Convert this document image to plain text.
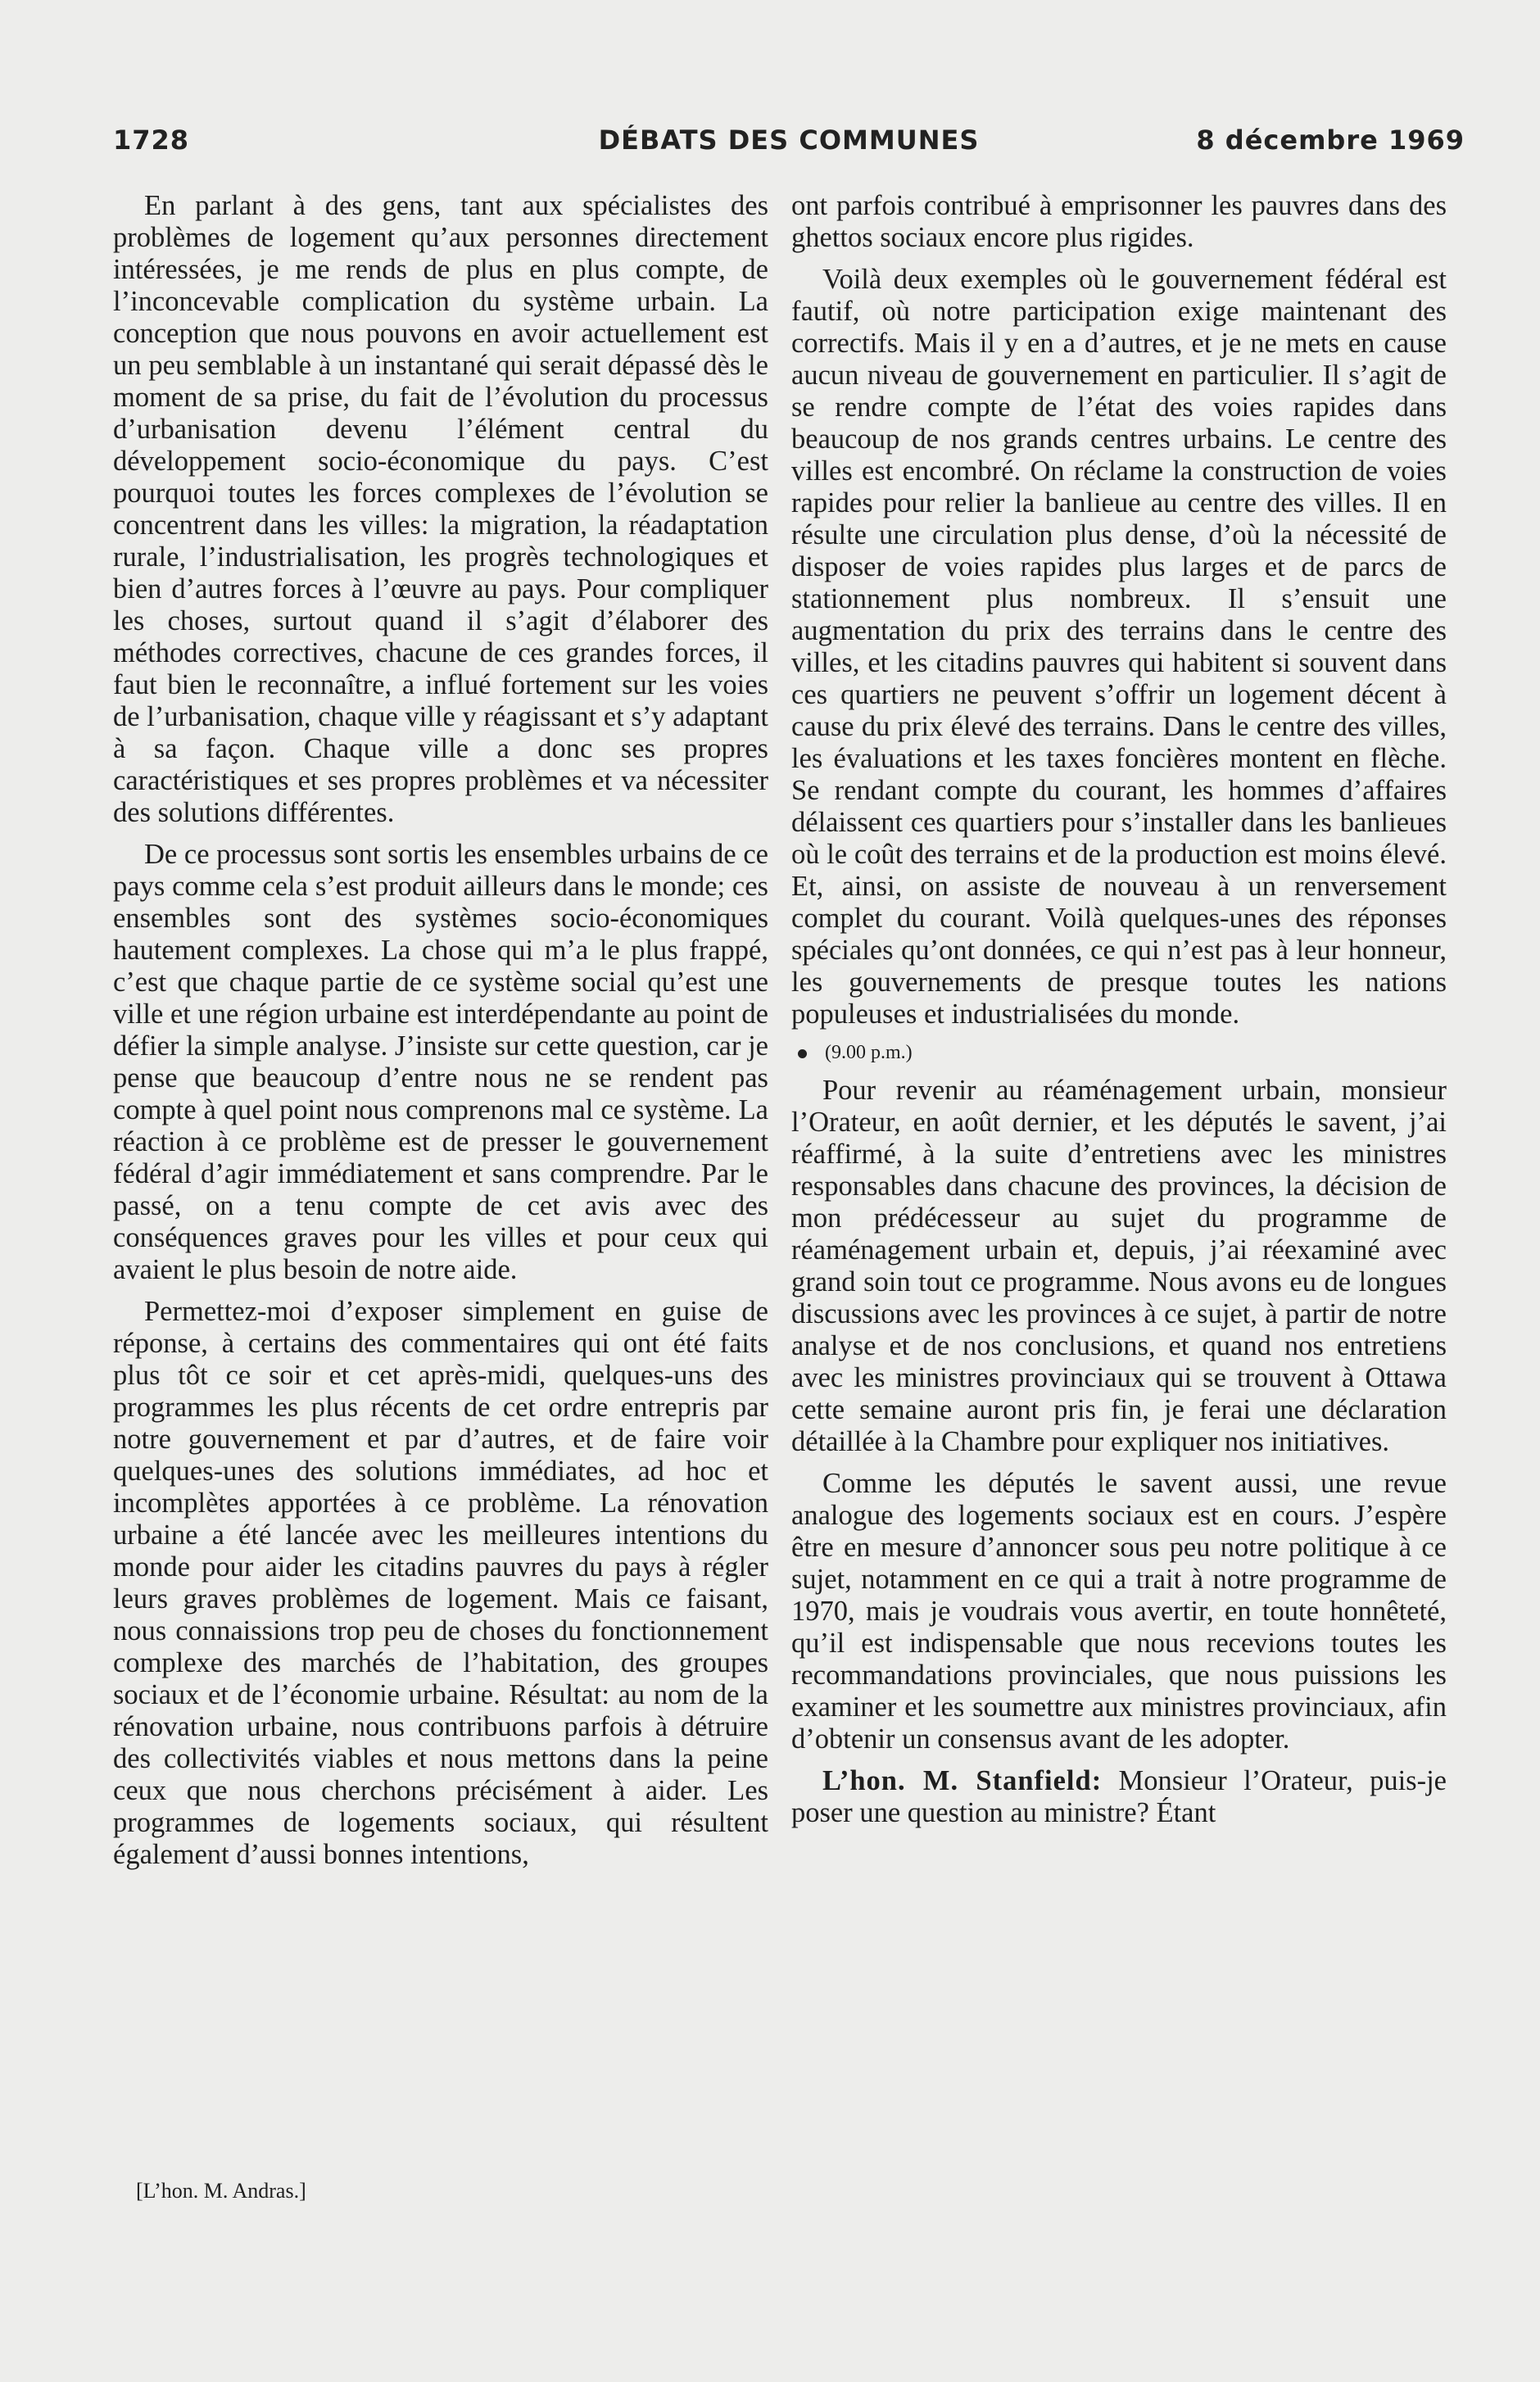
1728	DÉBATS DES COMMUNES	8 décembre 1969

En parlant à des gens, tant aux spécialistes des problèmes de logement qu’aux personnes directement intéressées, je me rends de plus en plus compte, de l’inconcevable complication du système urbain. La conception que nous pouvons en avoir actuellement est un peu semblable à un instantané qui serait dépassé dès le moment de sa prise, du fait de l’évolution du processus d’urbanisation devenu l’élément central du développement socio-économique du pays. C’est pourquoi toutes les forces complexes de l’évolution se concentrent dans les villes: la migration, la réadaptation rurale, l’industrialisation, les progrès technologiques et bien d’autres forces à l’œuvre au pays. Pour compliquer les choses, surtout quand il s’agit d’élaborer des méthodes correctives, chacune de ces grandes forces, il faut bien le reconnaître, a influé fortement sur les voies de l’urbanisation, chaque ville y réagissant et s’y adaptant à sa façon. Chaque ville a donc ses propres caractéristiques et ses propres problèmes et va nécessiter des solutions différentes.

De ce processus sont sortis les ensembles urbains de ce pays comme cela s’est produit ailleurs dans le monde; ces ensembles sont des systèmes socio-économiques hautement complexes. La chose qui m’a le plus frappé, c’est que chaque partie de ce système social qu’est une ville et une région urbaine est interdépendante au point de défier la simple analyse. J’insiste sur cette question, car je pense que beaucoup d’entre nous ne se rendent pas compte à quel point nous comprenons mal ce système. La réaction à ce problème est de presser le gouvernement fédéral d’agir immédiatement et sans comprendre. Par le passé, on a tenu compte de cet avis avec des conséquences graves pour les villes et pour ceux qui avaient le plus besoin de notre aide.

Permettez-moi d’exposer simplement en guise de réponse, à certains des commentaires qui ont été faits plus tôt ce soir et cet après-midi, quelques-uns des programmes les plus récents de cet ordre entrepris par notre gouvernement et par d’autres, et de faire voir quelques-unes des solutions immédiates, ad hoc et incomplètes apportées à ce problème. La rénovation urbaine a été lancée avec les meilleures intentions du monde pour aider les citadins pauvres du pays à régler leurs graves problèmes de logement. Mais ce faisant, nous connaissions trop peu de choses du fonctionnement complexe des marchés de l’habitation, des groupes sociaux et de l’économie urbaine. Résultat: au nom de la rénovation urbaine, nous contribuons parfois à détruire des collectivités viables et nous mettons dans la peine ceux que nous cherchons précisément à aider. Les programmes de logements sociaux, qui résultent également d’aussi bonnes intentions,

ont parfois contribué à emprisonner les pauvres dans des ghettos sociaux encore plus rigides.

Voilà deux exemples où le gouvernement fédéral est fautif, où notre participation exige maintenant des correctifs. Mais il y en a d’autres, et je ne mets en cause aucun niveau de gouvernement en particulier. Il s’agit de se rendre compte de l’état des voies rapides dans beaucoup de nos grands centres urbains. Le centre des villes est encombré. On réclame la construction de voies rapides pour relier la banlieue au centre des villes. Il en résulte une circulation plus dense, d’où la nécessité de disposer de voies rapides plus larges et de parcs de stationnement plus nombreux. Il s’ensuit une augmentation du prix des terrains dans le centre des villes, et les citadins pauvres qui habitent si souvent dans ces quartiers ne peuvent s’offrir un logement décent à cause du prix élevé des terrains. Dans le centre des villes, les évaluations et les taxes foncières montent en flèche. Se rendant compte du courant, les hommes d’affaires délaissent ces quartiers pour s’installer dans les banlieues où le coût des terrains et de la production est moins élevé. Et, ainsi, on assiste de nouveau à un renversement complet du courant. Voilà quelques-unes des réponses spéciales qu’ont données, ce qui n’est pas à leur honneur, les gouvernements de presque toutes les nations populeuses et industrialisées du monde.

(9.00 p.m.)

Pour revenir au réaménagement urbain, monsieur l’Orateur, en août dernier, et les députés le savent, j’ai réaffirmé, à la suite d’entretiens avec les ministres responsables dans chacune des provinces, la décision de mon prédécesseur au sujet du programme de réaménagement urbain et, depuis, j’ai réexaminé avec grand soin tout ce programme. Nous avons eu de longues discussions avec les provinces à ce sujet, à partir de notre analyse et de nos conclusions, et quand nos entretiens avec les ministres provinciaux qui se trouvent à Ottawa cette semaine auront pris fin, je ferai une déclaration détaillée à la Chambre pour expliquer nos initiatives.

Comme les députés le savent aussi, une revue analogue des logements sociaux est en cours. J’espère être en mesure d’annoncer sous peu notre politique à ce sujet, notamment en ce qui a trait à notre programme de 1970, mais je voudrais vous avertir, en toute honnêteté, qu’il est indispensable que nous recevions toutes les recommandations provinciales, que nous puissions les examiner et les soumettre aux ministres provinciaux, afin d’obtenir un consensus avant de les adopter.

L’hon. M. Stanfield: Monsieur l’Orateur, puis-je poser une question au ministre? Étant

[L’hon. M. Andras.]
